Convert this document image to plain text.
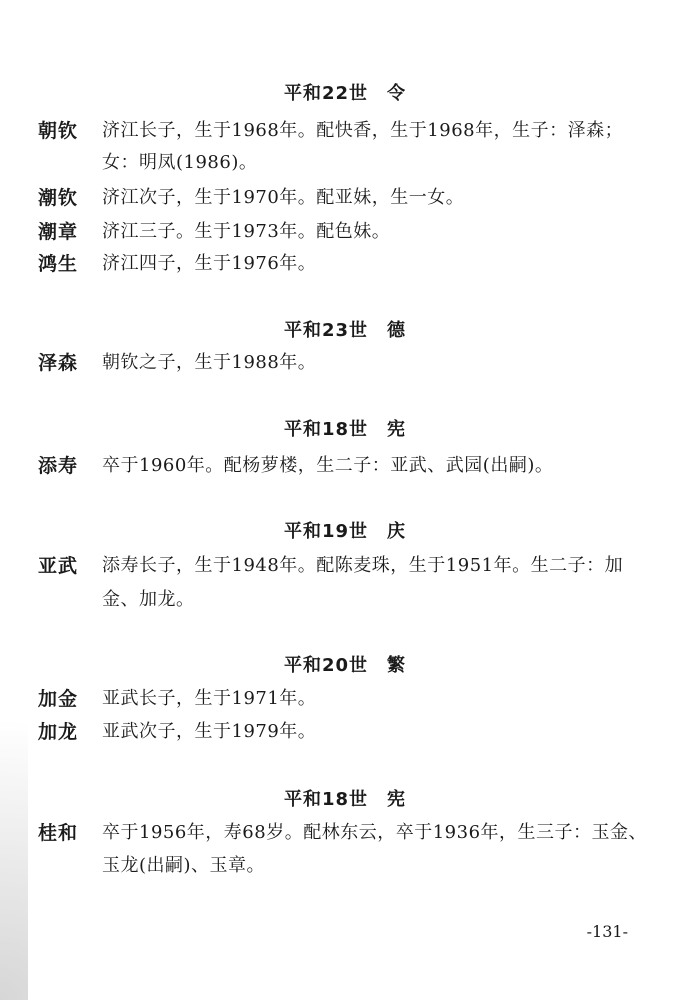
平和22世　令
朝钦 济江长子，生于1968年。配快香，生于1968年，生子：泽森；
女：明凤(1986)。
潮钦 济江次子，生于1970年。配亚妹，生一女。
潮章 济江三子。生于1973年。配色妹。
鸿生 济江四子，生于1976年。
平和23世　德
泽森 朝钦之子，生于1988年。
平和18世　宪
添寿 卒于1960年。配杨萝楼，生二子：亚武、武园(出嗣)。
平和19世　庆
亚武 添寿长子，生于1948年。配陈麦珠，生于1951年。生二子：加
金、加龙。
平和20世　繁
加金 亚武长子，生于1971年。
加龙 亚武次子，生于1979年。
平和18世　宪
桂和 卒于1956年，寿68岁。配林东云，卒于1936年，生三子：玉金、
玉龙(出嗣)、玉章。
-131-
